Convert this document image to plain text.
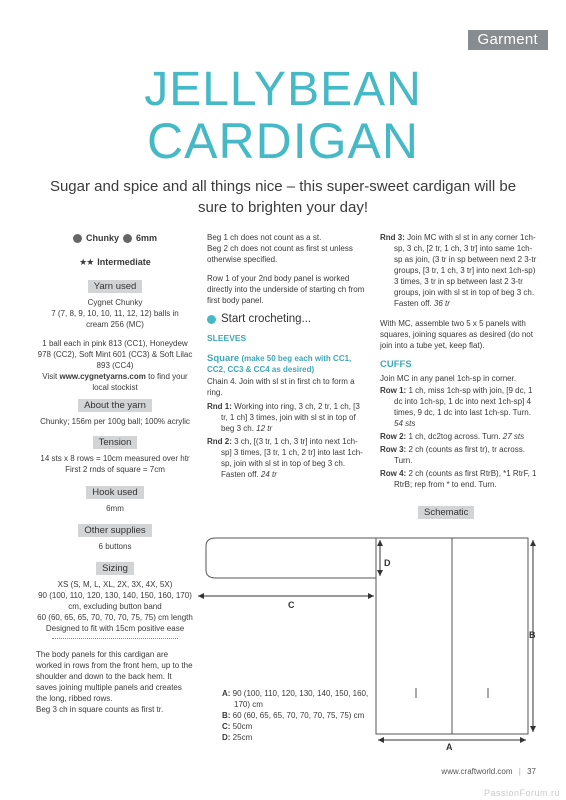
Garment
JELLYBEAN
CARDIGAN
Sugar and spice and all things nice – this super-sweet cardigan will be sure to brighten your day!
Chunky 6mm
★★ Intermediate
Yarn used

Cygnet Chunky
7 (7, 8, 9, 10, 10, 11, 12, 12) balls in cream 256 (MC)

1 ball each in pink 813 (CC1), Honeydew 978 (CC2), Soft Mint 601 (CC3) & Soft Lilac 893 (CC4)

Visit www.cygnetyarns.com to find your local stockist

About the yarn

Chunky; 156m per 100g ball; 100% acrylic

Tension

14 sts x 8 rows = 10cm measured over htr
First 2 rnds of square = 7cm

Hook used

6mm

Other supplies

6 buttons

Sizing

XS (S, M, L, XL, 2X, 3X, 4X, 5X)
90 (100, 110, 120, 130, 140, 150, 160, 170) cm, excluding button band
60 (60, 65, 65, 70, 70, 70, 75, 75) cm length
Designed to fit with 15cm positive ease

The body panels for this cardigan are worked in rows from the front hem, up to the shoulder and down to the back hem. It saves joining multiple panels and creates the long, ribbed rows.
Beg 3 ch in square counts as first tr.

Beg 1 ch does not count as a st.
Beg 2 ch does not count as first st unless otherwise specified.

Row 1 of your 2nd body panel is worked directly into the underside of starting ch from first body panel.

Start crocheting...
SLEEVES
Square (make 50 beg each with CC1, CC2, CC3 & CC4 as desired)

Chain 4. Join with sl st in first ch to form a ring.

Rnd 1: Working into ring, 3 ch, 2 tr, 1 ch, [3 tr, 1 ch] 3 times, join with sl st in top of beg 3 ch. 12 tr
Rnd 2: 3 ch, [(3 tr, 1 ch, 3 tr] into next 1ch-sp] 3 times, [3 tr, 1 ch, 2 tr] into last 1ch-sp, join with sl st in top of beg 3 ch. Fasten off. 24 tr
Rnd 3: Join MC with sl st in any corner 1ch-sp, 3 ch, [2 tr, 1 ch, 3 tr] into same 1ch-sp as join, (3 tr in sp between next 2 3-tr groups, [3 tr, 1 ch, 3 tr] into next 1ch-sp) 3 times, 3 tr in sp between last 2 3-tr groups, join with sl st in top of beg 3 ch. Fasten off. 36 tr

With MC, assemble two 5 x 5 panels with squares, joining squares as desired (do not join into a tube yet, keep flat).

CUFFS

Join MC in any panel 1ch-sp in corner.

Row 1: 1 ch, miss 1ch-sp with join, [9 dc, 1 dc into 1ch-sp, 1 dc into next 1ch-sp] 4 times, 9 dc, 1 dc into last 1ch-sp. Turn. 54 sts
Row 2: 1 ch, dc2tog across. Turn. 27 sts
Row 3: 2 ch (counts as first tr), tr across. Turn.
Row 4: 2 ch (counts as first RtrB), *1 RtrF, 1 RtrB; rep from * to end. Turn.
Schematic
C
D
B
A
A: 90 (100, 110, 120, 130, 140, 150, 160, 170) cm
B: 60 (60, 65, 65, 70, 70, 70, 75, 75) cm
C: 50cm
D: 25cm
www.craftworld.com | 37
PassionForum.ru
